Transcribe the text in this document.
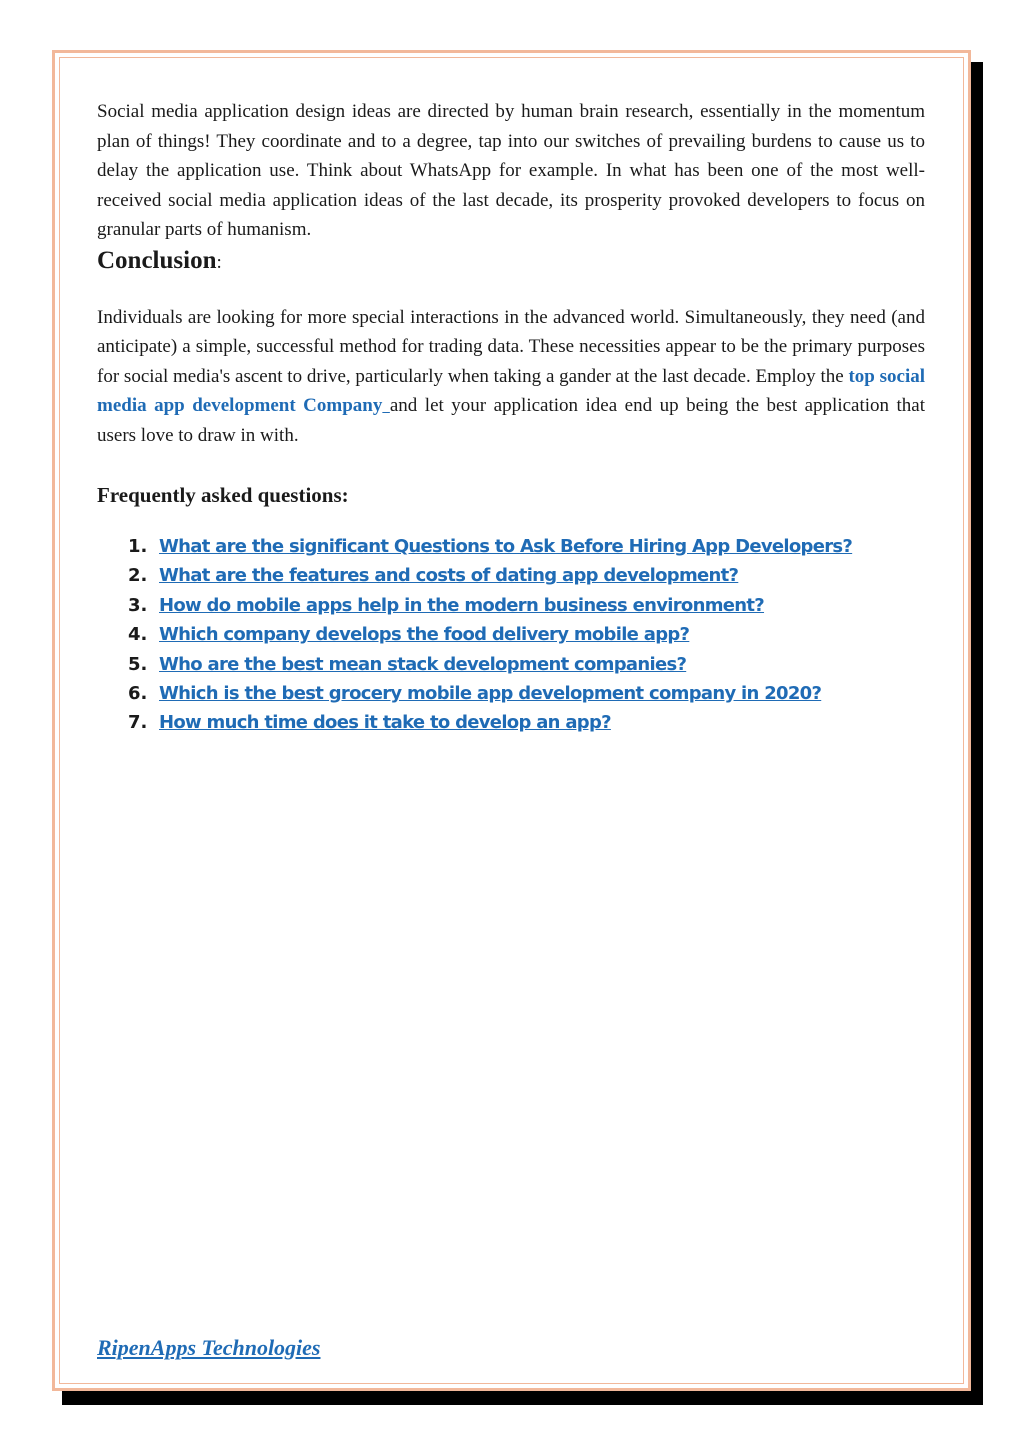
Social media application design ideas are directed by human brain research, essentially in the momentum plan of things! They coordinate and to a degree, tap into our switches of prevailing burdens to cause us to delay the application use. Think about WhatsApp for example. In what has been one of the most well-received social media application ideas of the last decade, its prosperity provoked developers to focus on granular parts of humanism.

Conclusion:

Individuals are looking for more special interactions in the advanced world. Simultaneously, they need (and anticipate) a simple, successful method for trading data. These necessities appear to be the primary purposes for social media's ascent to drive, particularly when taking a gander at the last decade. Employ the top social media app development Company and let your application idea end up being the best application that users love to draw in with.

Frequently asked questions:
1. What are the significant Questions to Ask Before Hiring App Developers?
2. What are the features and costs of dating app development?
3. How do mobile apps help in the modern business environment?
4. Which company develops the food delivery mobile app?
5. Who are the best mean stack development companies?
6. Which is the best grocery mobile app development company in 2020?
7. How much time does it take to develop an app?
RipenApps Technologies
